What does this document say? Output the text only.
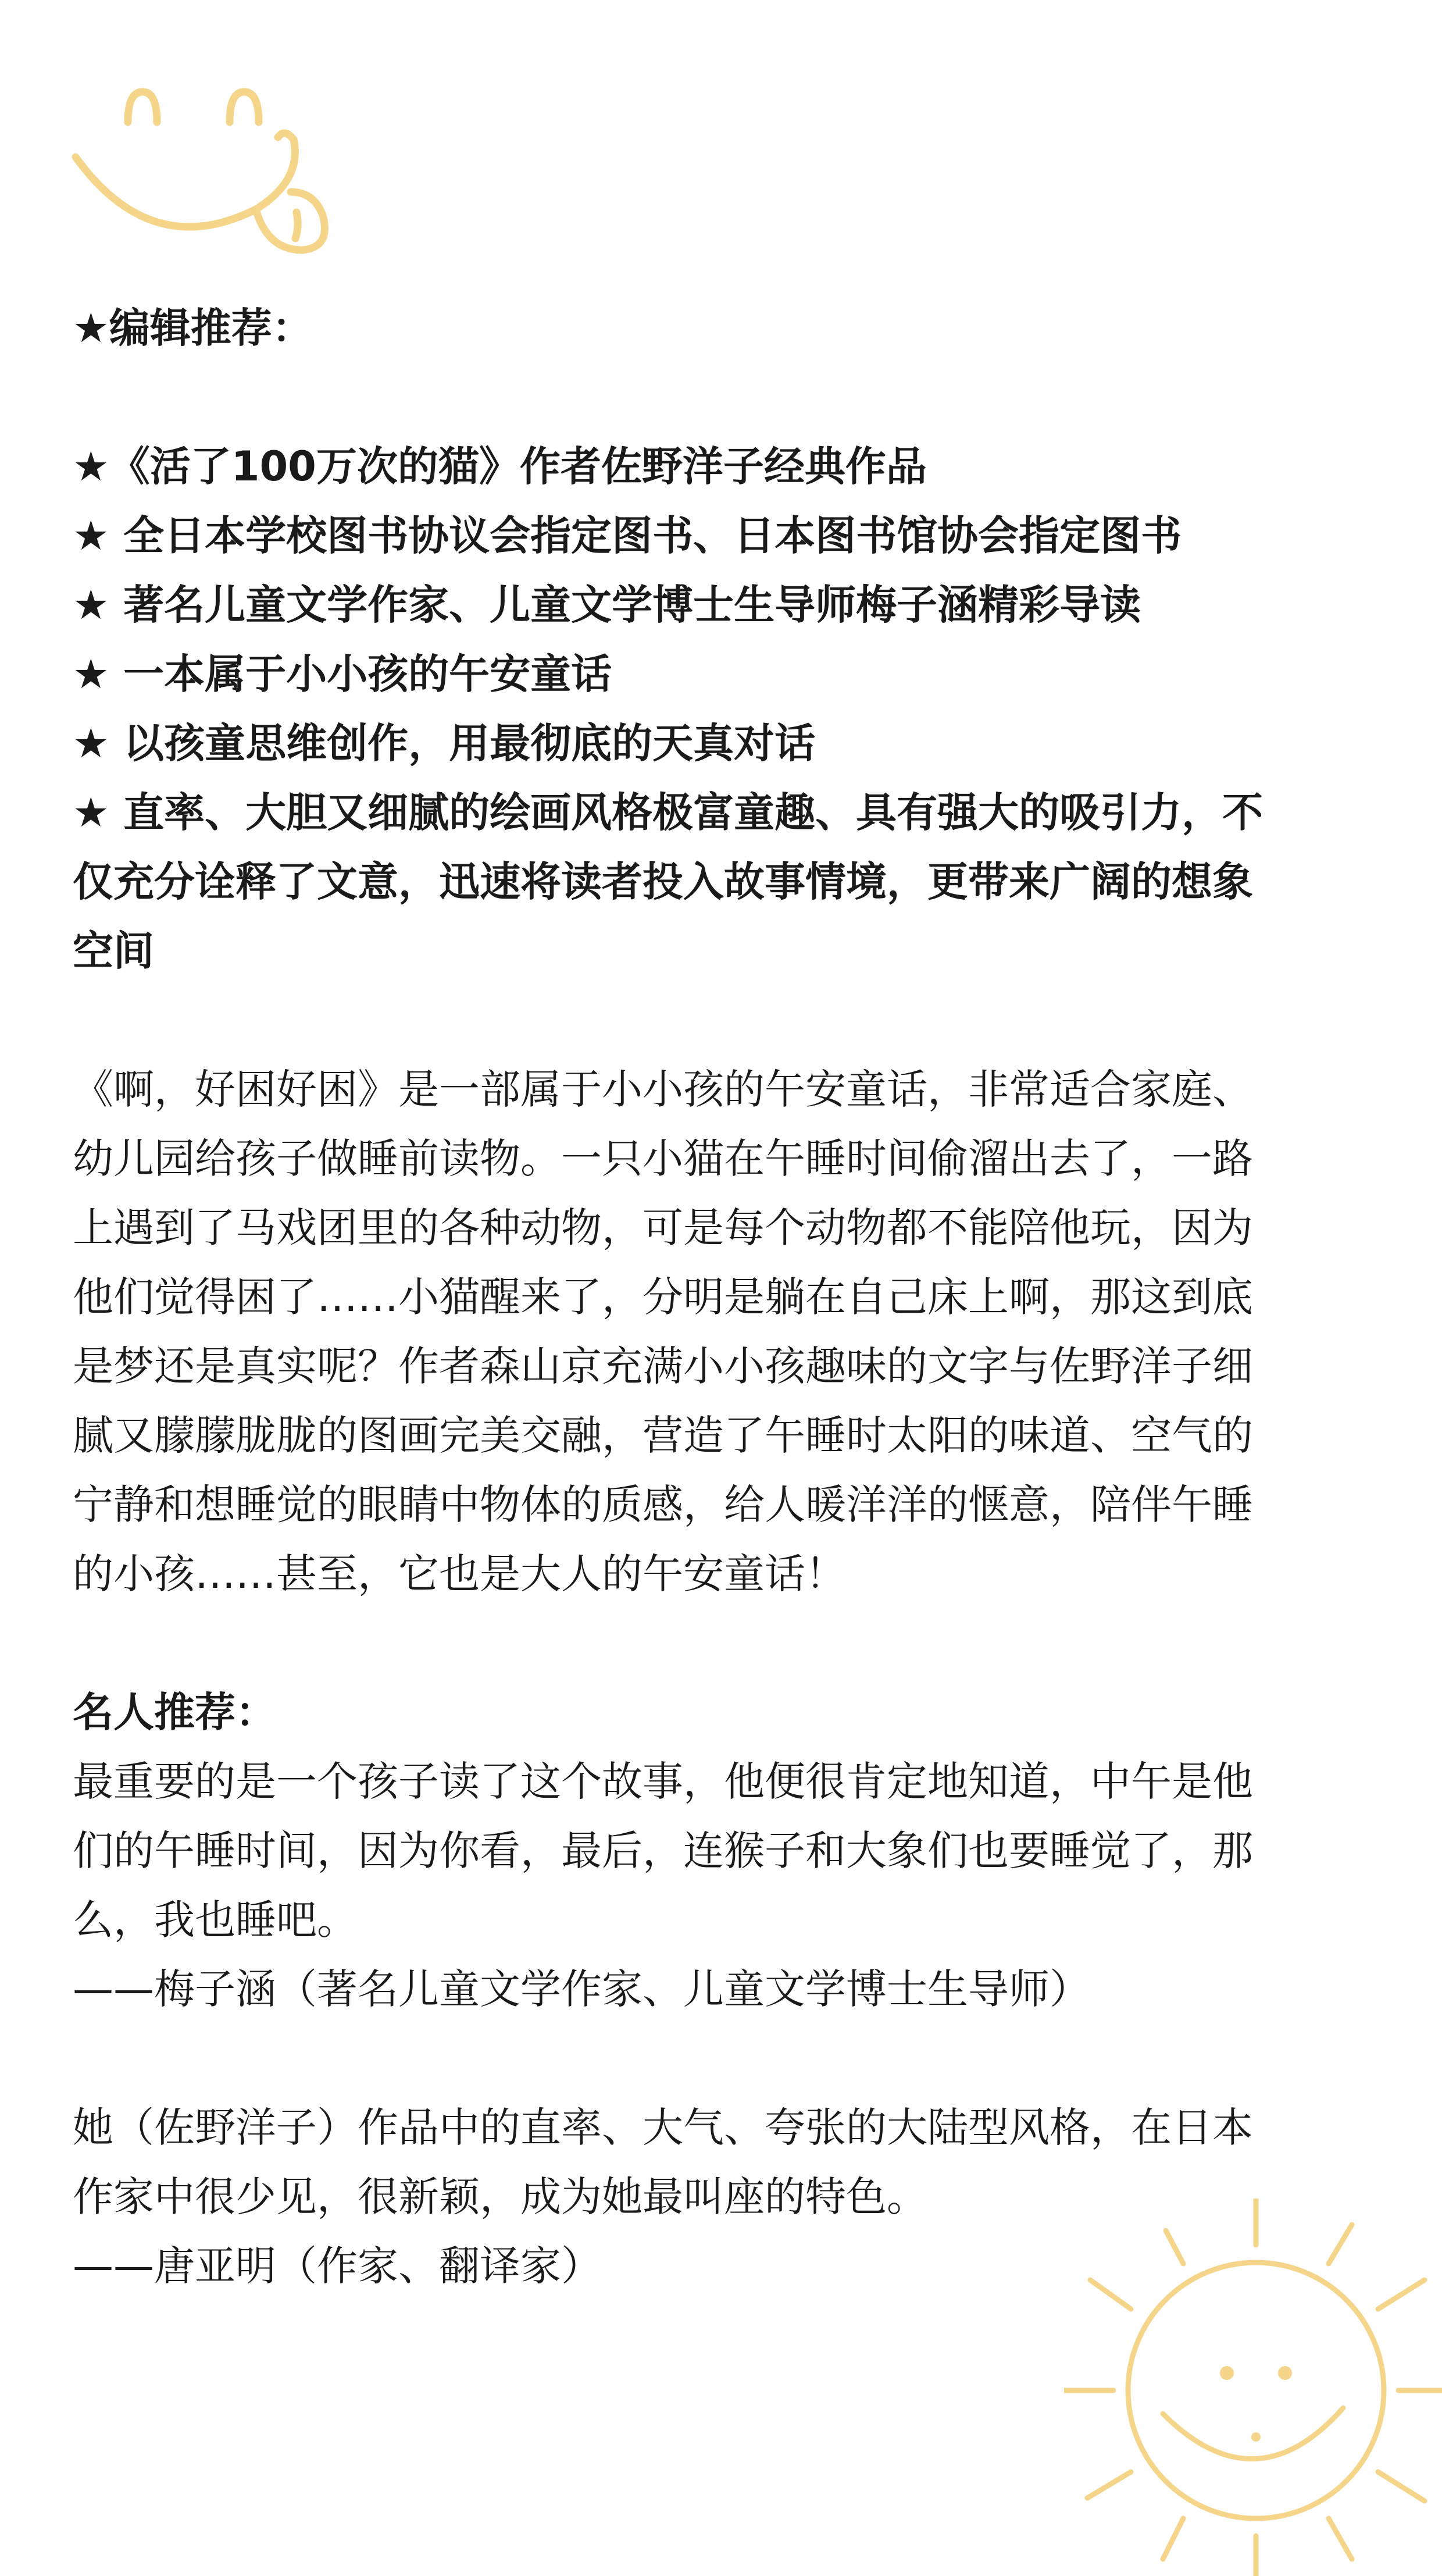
★编辑推荐：
★《活了100万次的猫》作者佐野洋子经典作品
★ 全日本学校图书协议会指定图书、日本图书馆协会指定图书
★ 著名儿童文学作家、儿童文学博士生导师梅子涵精彩导读
★ 一本属于小小孩的午安童话
★ 以孩童思维创作，用最彻底的天真对话
★ 直率、大胆又细腻的绘画风格极富童趣、具有强大的吸引力，不
仅充分诠释了文意，迅速将读者投入故事情境，更带来广阔的想象
空间
《啊，好困好困》是一部属于小小孩的午安童话，非常适合家庭、
幼儿园给孩子做睡前读物。一只小猫在午睡时间偷溜出去了，一路
上遇到了马戏团里的各种动物，可是每个动物都不能陪他玩，因为
他们觉得困了……小猫醒来了，分明是躺在自己床上啊，那这到底
是梦还是真实呢？作者森山京充满小小孩趣味的文字与佐野洋子细
腻又朦朦胧胧的图画完美交融，营造了午睡时太阳的味道、空气的
宁静和想睡觉的眼睛中物体的质感，给人暖洋洋的惬意，陪伴午睡
的小孩……甚至，它也是大人的午安童话！
名人推荐：
最重要的是一个孩子读了这个故事，他便很肯定地知道，中午是他
们的午睡时间，因为你看，最后，连猴子和大象们也要睡觉了，那
么，我也睡吧。
——梅子涵（著名儿童文学作家、儿童文学博士生导师）
她（佐野洋子）作品中的直率、大气、夸张的大陆型风格，在日本
作家中很少见，很新颖，成为她最叫座的特色。
——唐亚明（作家、翻译家）
